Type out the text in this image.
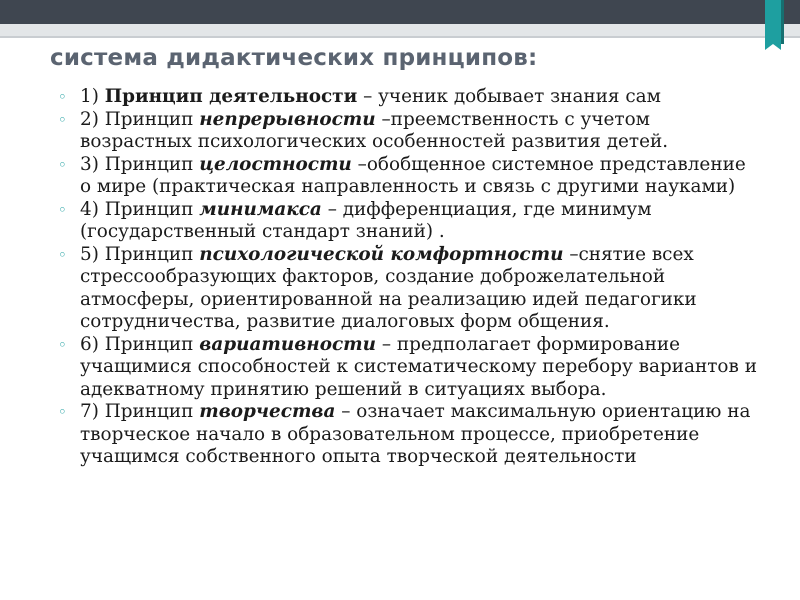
система дидактических принципов:
◦ 1) Принцип деятельности – ученик добывает знания сам
◦ 2) Принцип непрерывности –преемственность с учетом возрастных психологических особенностей развития детей.
◦ 3) Принцип целостности –обобщенное системное представление о мире (практическая направленность и связь с другими науками)
◦ 4) Принцип минимакса – дифференциация, где минимум (государственный стандарт знаний) .
◦ 5) Принцип психологической комфортности –снятие всех стрессообразующих факторов, создание доброжелательной атмосферы, ориентированной на реализацию идей педагогики сотрудничества, развитие диалоговых форм общения.
◦ 6) Принцип вариативности – предполагает формирование учащимися способностей к систематическому перебору вариантов и адекватному принятию решений в ситуациях выбора.
◦ 7) Принцип творчества – означает максимальную ориентацию на творческое начало в образовательном процессе, приобретение учащимся собственного опыта творческой деятельности
